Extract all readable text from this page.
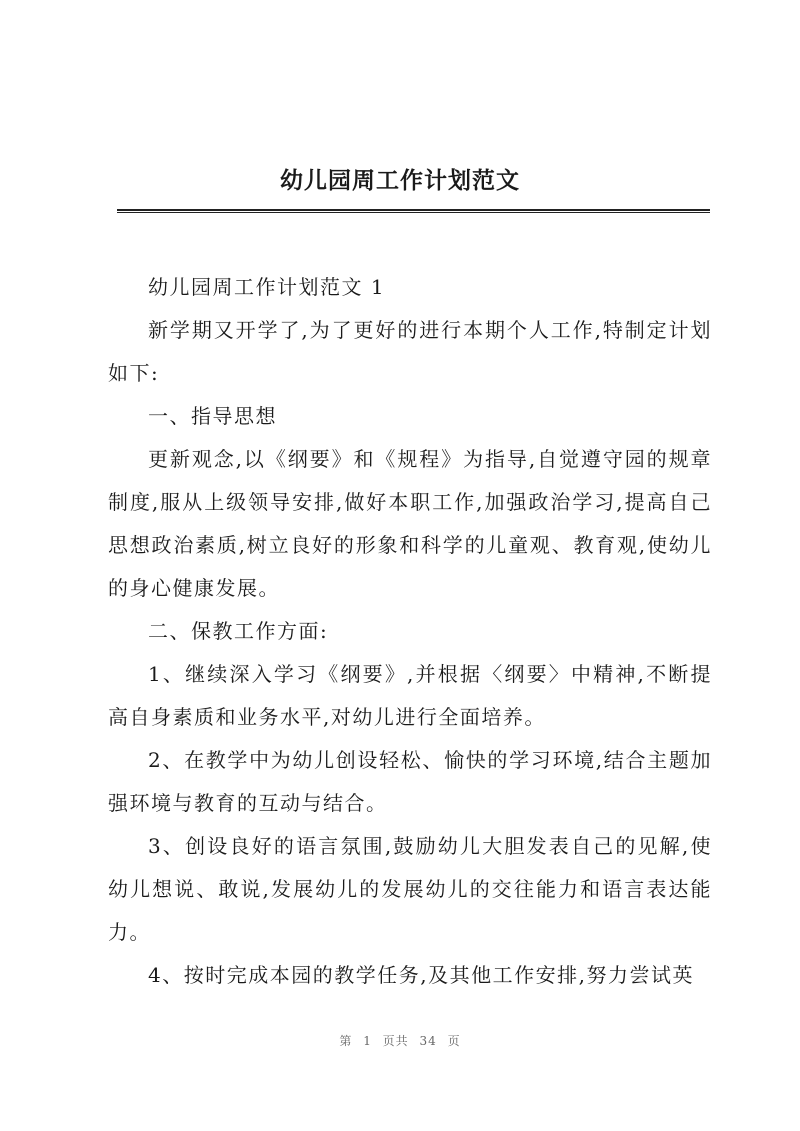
幼儿园周工作计划范文

幼儿园周工作计划范文 1

新学期又开学了,为了更好的进行本期个人工作,特制定计划如下:

一、指导思想

更新观念,以《纲要》和《规程》为指导,自觉遵守园的规章制度,服从上级领导安排,做好本职工作,加强政治学习,提高自己思想政治素质,树立良好的形象和科学的儿童观、教育观,使幼儿的身心健康发展。

二、保教工作方面:

1、继续深入学习《纲要》,并根据〈纲要〉中精神,不断提高自身素质和业务水平,对幼儿进行全面培养。

2、在教学中为幼儿创设轻松、愉快的学习环境,结合主题加强环境与教育的互动与结合。

3、创设良好的语言氛围,鼓励幼儿大胆发表自己的见解,使幼儿想说、敢说,发展幼儿的发展幼儿的交往能力和语言表达能力。

4、按时完成本园的教学任务,及其他工作安排,努力尝试英

第 1 页共 34 页
